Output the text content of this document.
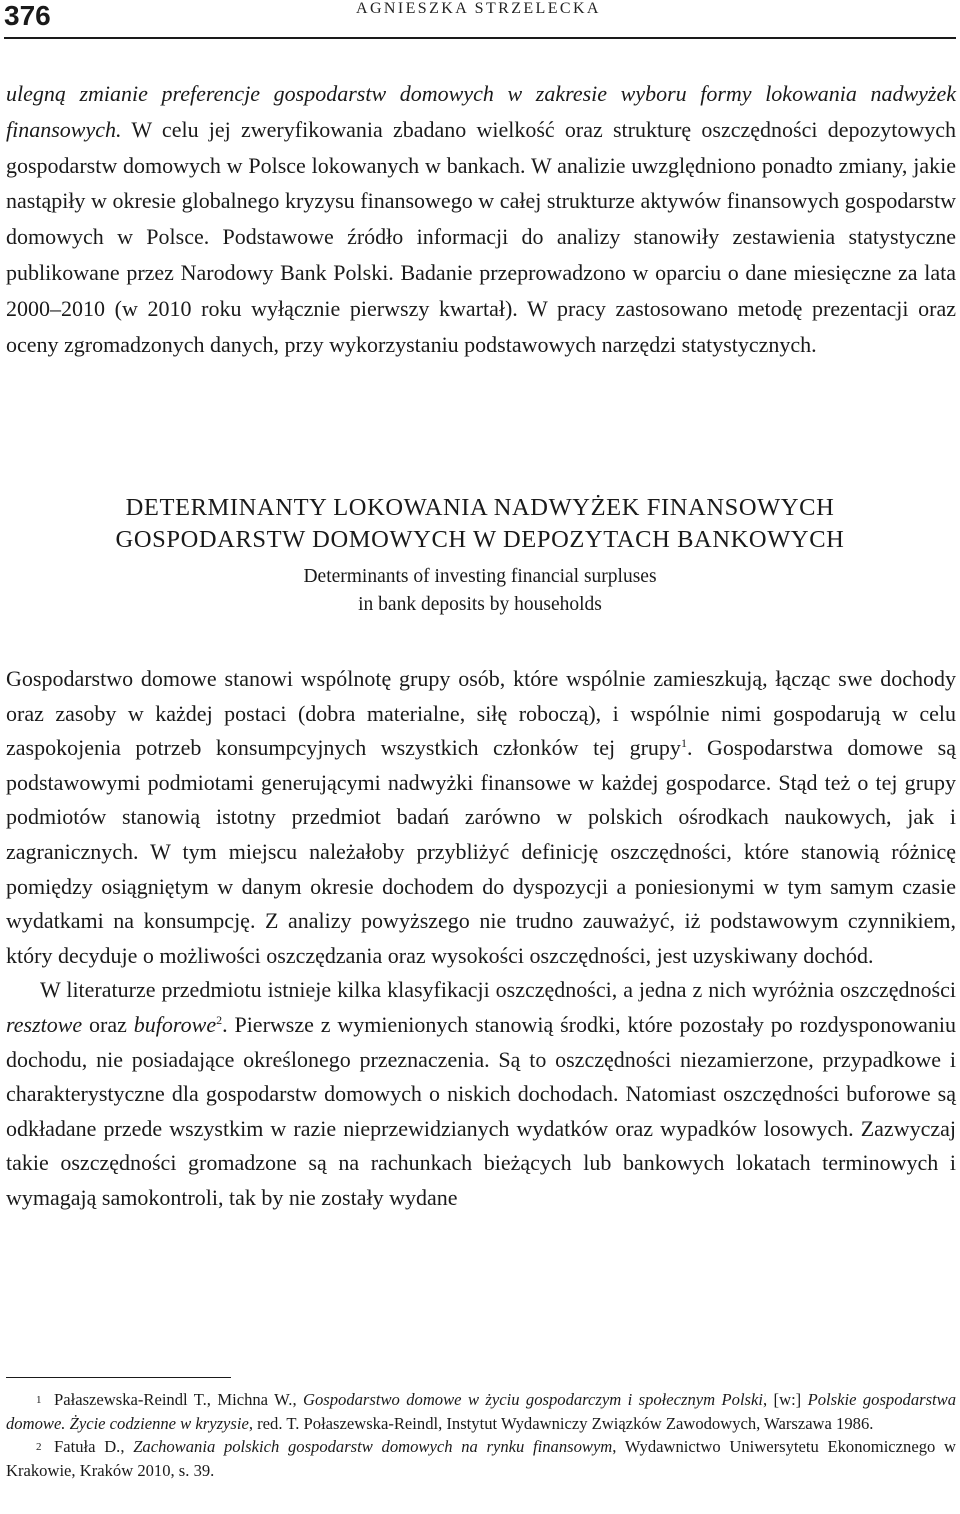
376	AGNIESZKA STRZELECKA

ulegną zmianie preferencje gospodarstw domowych w zakresie wyboru formy lokowania nadwyżek finansowych. W celu jej zweryfikowania zbadano wielkość oraz strukturę oszczędności depozytowych gospodarstw domowych w Polsce lokowanych w bankach. W analizie uwzględniono ponadto zmiany, jakie nastąpiły w okresie globalnego kryzysu finansowego w całej strukturze aktywów finansowych gospodarstw domowych w Polsce. Podstawowe źródło informacji do analizy stanowiły zestawienia statystyczne publikowane przez Narodowy Bank Polski. Badanie przeprowadzono w oparciu o dane miesięczne za lata 2000–2010 (w 2010 roku wyłącznie pierwszy kwartał). W pracy zastosowano metodę prezentacji oraz oceny zgromadzonych danych, przy wykorzystaniu podstawowych narzędzi statystycznych.

DETERMINANTY LOKOWANIA NADWYŻEK FINANSOWYCH
GOSPODARSTW DOMOWYCH W DEPOZYTACH BANKOWYCH
Determinants of investing financial surpluses
in bank deposits by households

Gospodarstwo domowe stanowi wspólnotę grupy osób, które wspólnie zamieszkują, łącząc swe dochody oraz zasoby w każdej postaci (dobra materialne, siłę roboczą), i wspólnie nimi gospodarują w celu zaspokojenia potrzeb konsumpcyjnych wszystkich członków tej grupy$^1$. Gospodarstwa domowe są podstawowymi podmiotami generującymi nadwyżki finansowe w każdej gospodarce. Stąd też o tej grupy podmiotów stanowią istotny przedmiot badań zarówno w polskich ośrodkach naukowych, jak i zagranicznych. W tym miejscu należałoby przybliżyć definicję oszczędności, które stanowią różnicę pomiędzy osiągniętym w danym okresie dochodem do dyspozycji a poniesionymi w tym samym czasie wydatkami na konsumpcję. Z analizy powyższego nie trudno zauważyć, iż podstawowym czynnikiem, który decyduje o możliwości oszczędzania oraz wysokości oszczędności, jest uzyskiwany dochód.

W literaturze przedmiotu istnieje kilka klasyfikacji oszczędności, a jedna z nich wyróżnia oszczędności resztowe oraz buforowe$^2$. Pierwsze z wymienionych stanowią środki, które pozostały po rozdysponowaniu dochodu, nie posiadające określonego przeznaczenia. Są to oszczędności niezamierzone, przypadkowe i charakterystyczne dla gospodarstw domowych o niskich dochodach. Natomiast oszczędności buforowe są odkładane przede wszystkim w razie nieprzewidzianych wydatków oraz wypadków losowych. Zazwyczaj takie oszczędności gromadzone są na rachunkach bieżących lub bankowych lokatach terminowych i wymagają samokontroli, tak by nie zostały wydane

1 Pałaszewska-Reindl T., Michna W., Gospodarstwo domowe w życiu gospodarczym i społecznym Polski, [w:] Polskie gospodarstwa domowe. Życie codzienne w kryzysie, red. T. Połaszewska-Reindl, Instytut Wydawniczy Związków Zawodowych, Warszawa 1986.

2 Fatuła D., Zachowania polskich gospodarstw domowych na rynku finansowym, Wydawnictwo Uniwersytetu Ekonomicznego w Krakowie, Kraków 2010, s. 39.
